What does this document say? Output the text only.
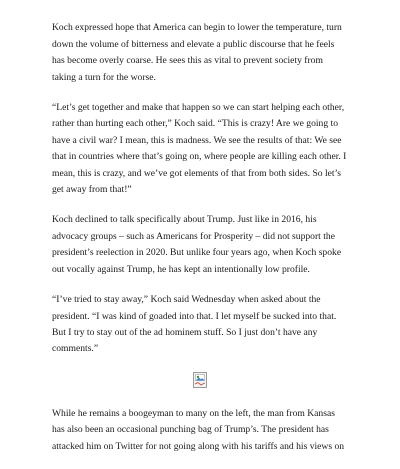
Koch expressed hope that America can begin to lower the temperature, turn down the volume of bitterness and elevate a public discourse that he feels has become overly coarse. He sees this as vital to prevent society from taking a turn for the worse.

“Let’s get together and make that happen so we can start helping each other, rather than hurting each other,” Koch said. “This is crazy! Are we going to have a civil war? I mean, this is madness. We see the results of that: We see that in countries where that’s going on, where people are killing each other. I mean, this is crazy, and we’ve got elements of that from both sides. So let’s get away from that!”

Koch declined to talk specifically about Trump. Just like in 2016, his advocacy groups – such as Americans for Prosperity – did not support the president’s reelection in 2020. But unlike four years ago, when Koch spoke out vocally against Trump, he has kept an intentionally low profile.

“I’ve tried to stay away,” Koch said Wednesday when asked about the president. “I was kind of goaded into that. I let myself be sucked into that. But I try to stay out of the ad hominem stuff. So I just don’t have any comments.”

While he remains a boogeyman to many on the left, the man from Kansas has also been an occasional punching bag of Trump’s. The president has attacked him on Twitter for not going along with his tariffs and his views on
